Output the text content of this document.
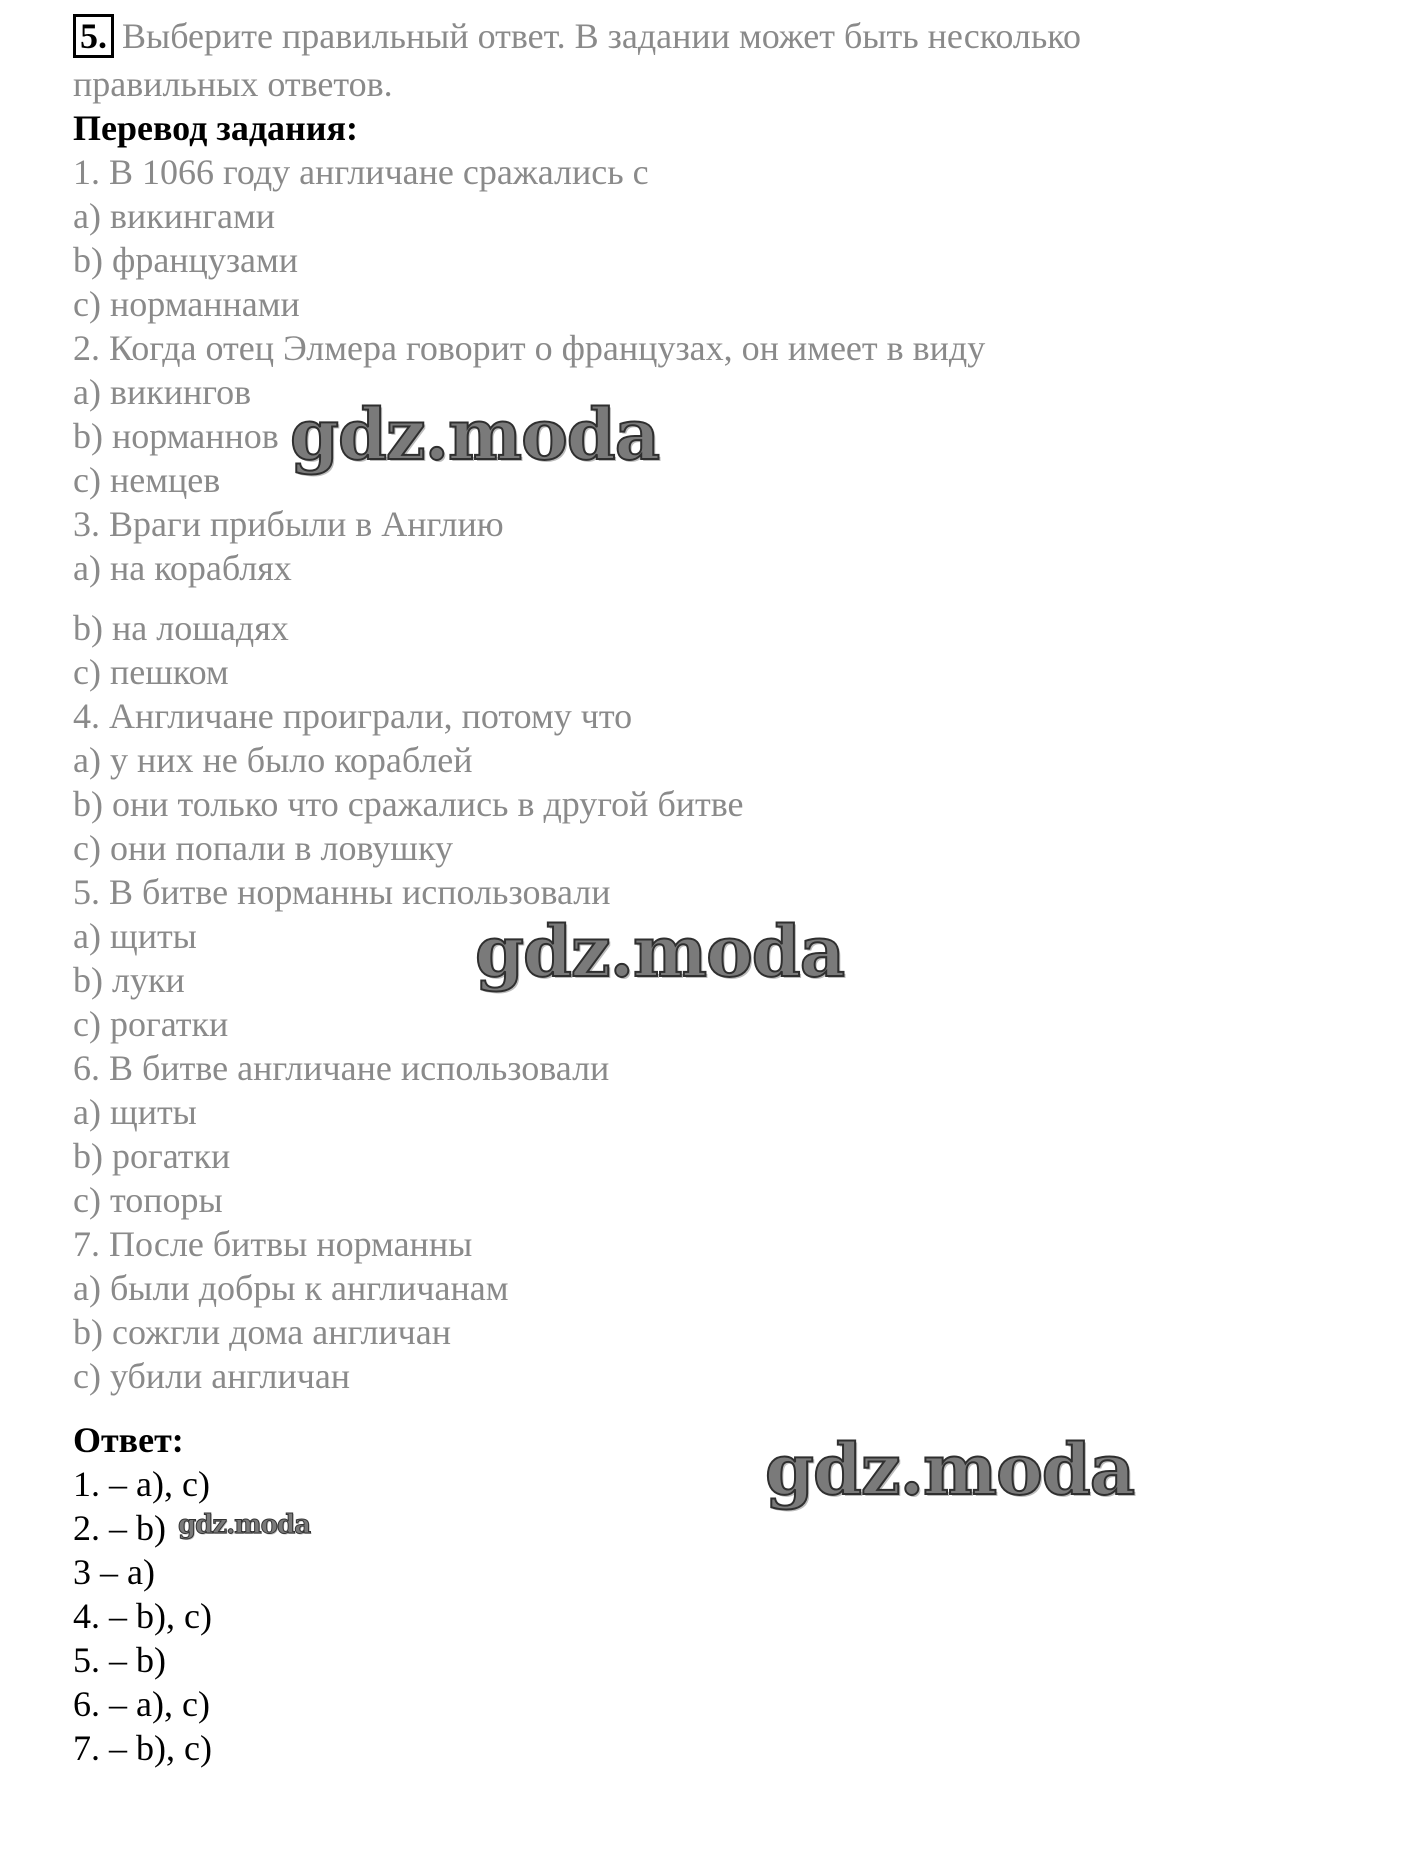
5. Выберите правильный ответ. В задании может быть несколько
правильных ответов.
Перевод задания:
1. В 1066 году англичане сражались с
a) викингами
b) французами
c) норманнами
2. Когда отец Элмера говорит о французах, он имеет в виду
a) викингов
b) норманнов
c) немцев
3. Враги прибыли в Англию
a) на кораблях
b) на лошадях
c) пешком
4. Англичане проиграли, потому что
a) у них не было кораблей
b) они только что сражались в другой битве
c) они попали в ловушку
5. В битве норманны использовали
a) щиты
b) луки
c) рогатки
6. В битве англичане использовали
a) щиты
b) рогатки
c) топоры
7. После битвы норманны
a) были добры к англичанам
b) сожгли дома англичан
c) убили англичан
Ответ:
1. – a), c)
2. – b)
3 – a)
4. – b), c)
5. – b)
6. – a), c)
7. – b), c)
gdz.moda
gdz.moda
gdz.moda
gdz.moda
